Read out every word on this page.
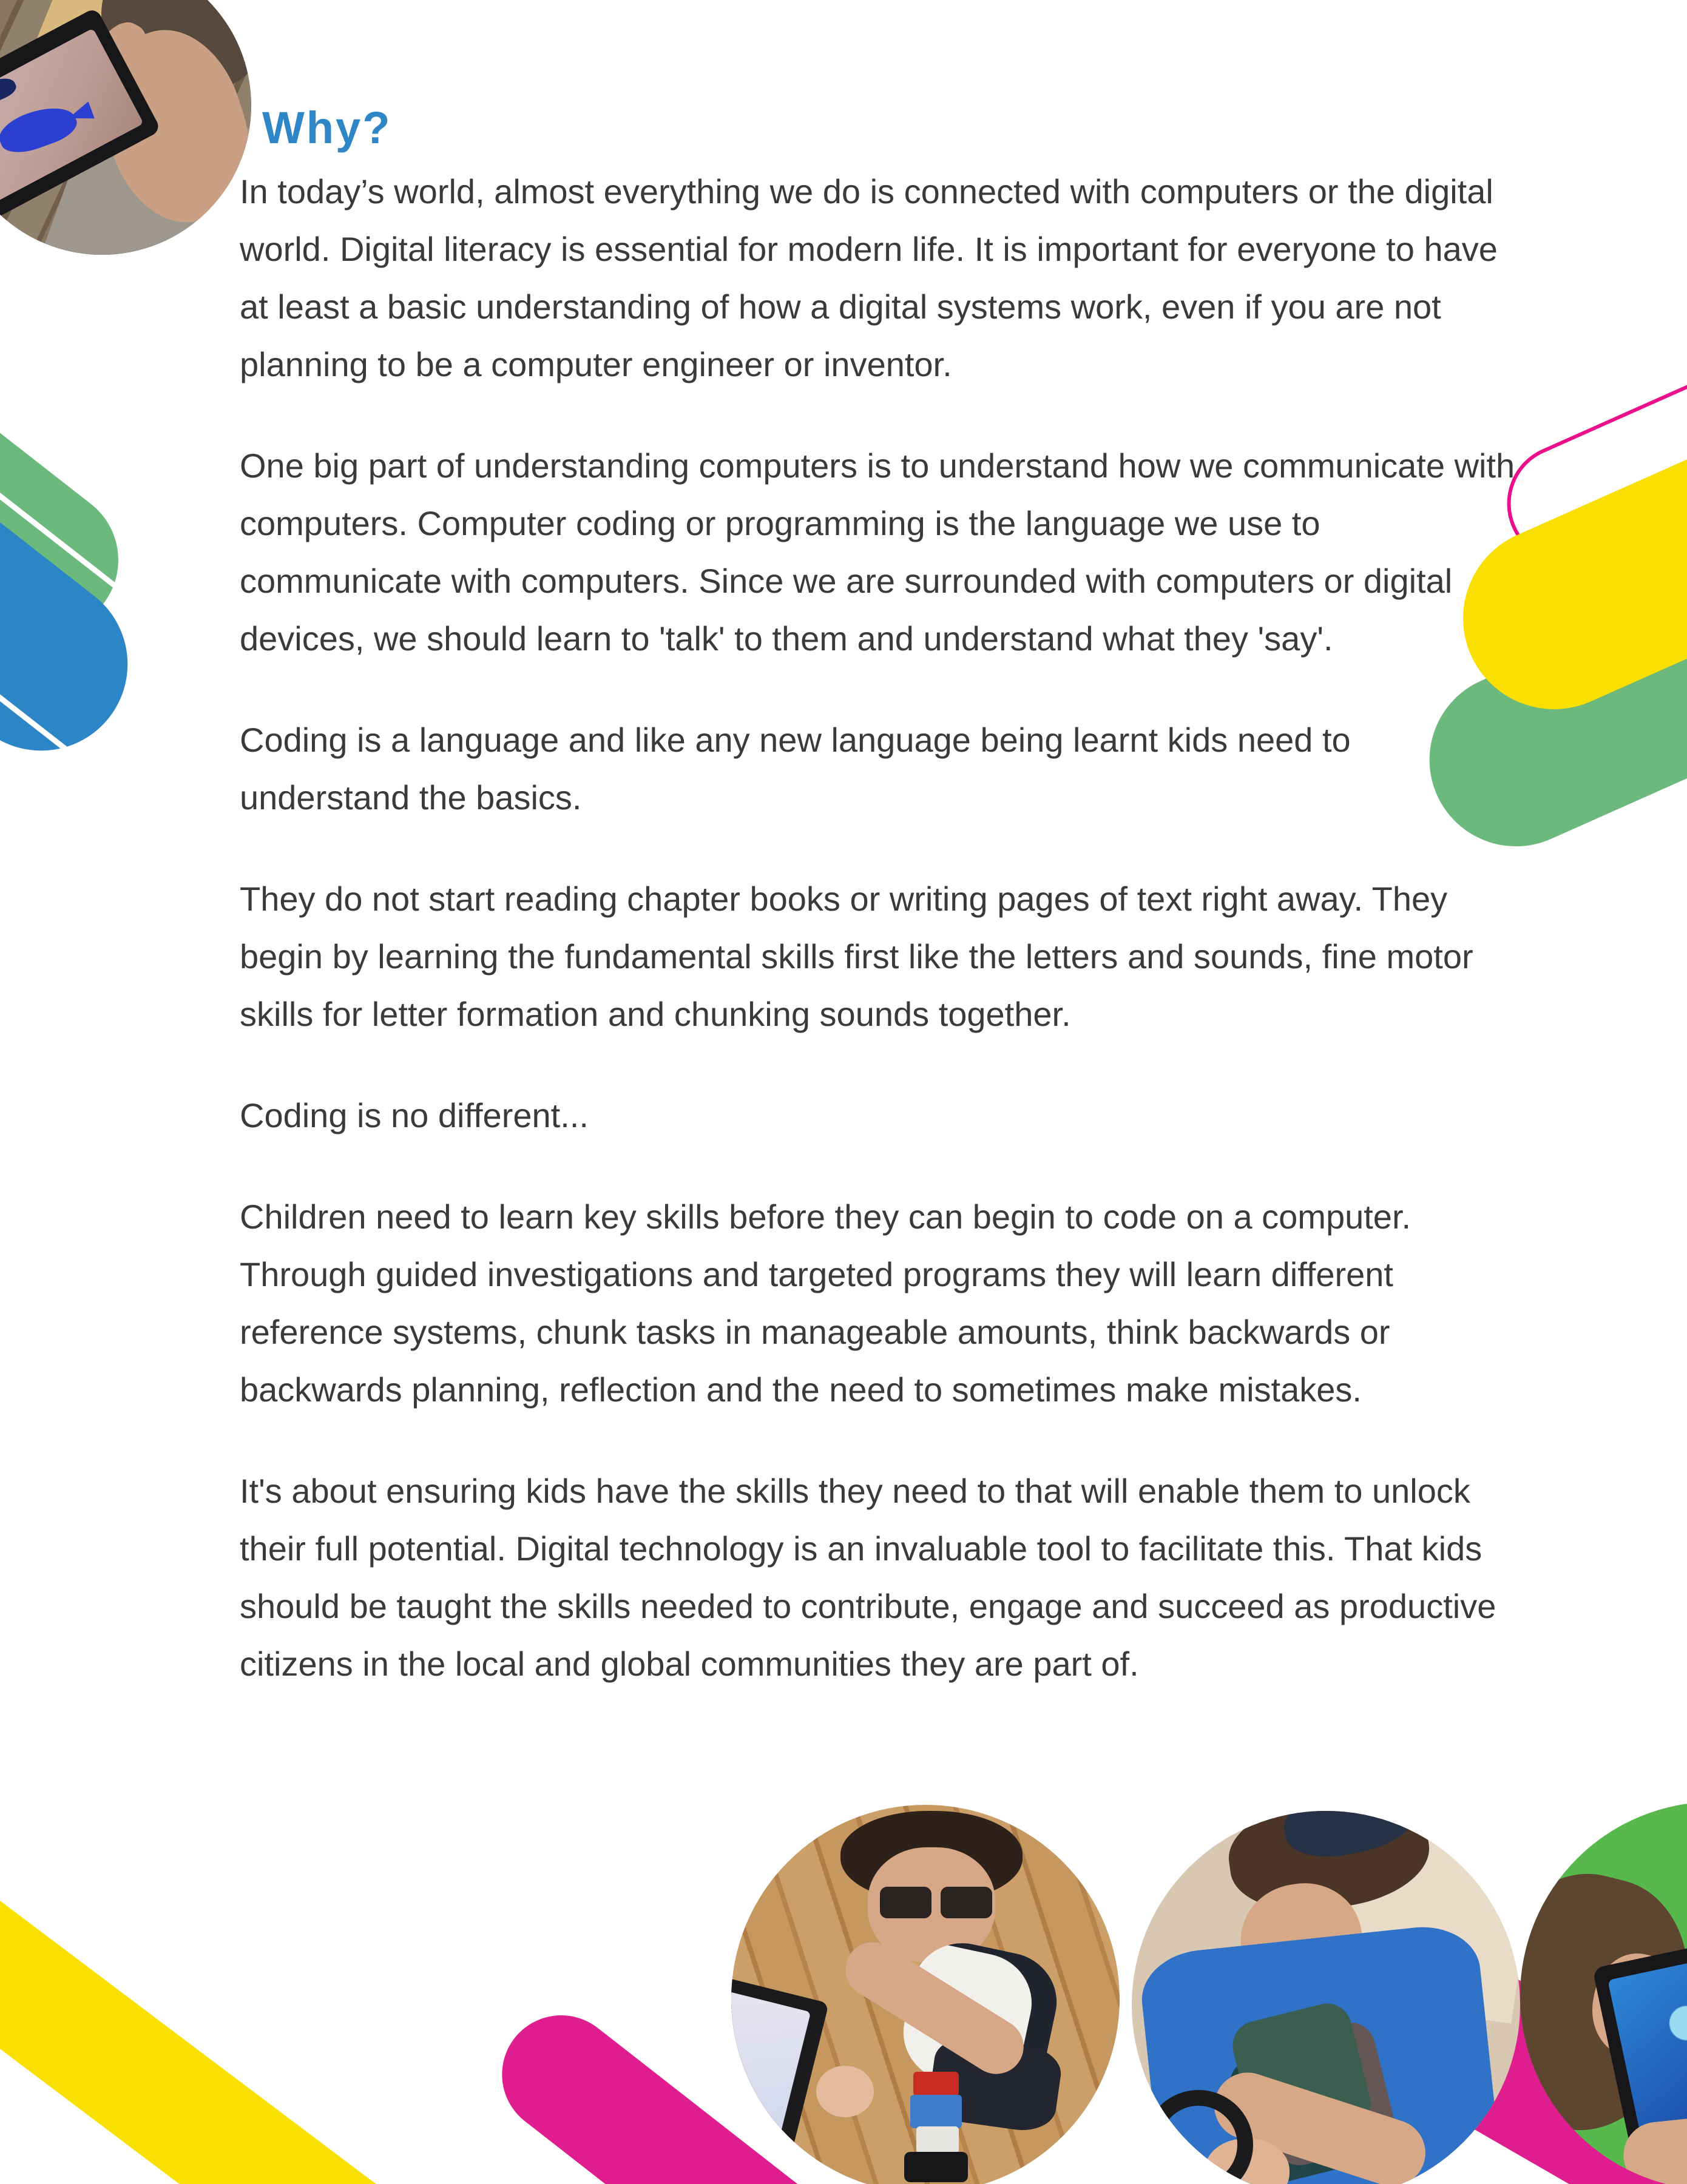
Why?

In today’s world, almost everything we do is connected with computers or the digital world. Digital literacy is essential for modern life. It is important for everyone to have at least a basic understanding of how a digital systems work, even if you are not planning to be a computer engineer or inventor.

One big part of understanding computers is to understand how we communicate with computers. Computer coding or programming is the language we use to communicate with computers. Since we are surrounded with computers or digital devices, we should learn to 'talk' to them and understand what they 'say'.

Coding is a language and like any new language being learnt kids need to understand the basics.

They do not start reading chapter books or writing pages of text right away. They begin by learning the fundamental skills first like the letters and sounds, fine motor skills for letter formation and chunking sounds together.

Coding is no different...

Children need to learn key skills before they can begin to code on a computer. Through guided investigations and targeted programs they will learn different reference systems, chunk tasks in manageable amounts, think backwards or backwards planning, reflection and the need to sometimes make mistakes.

It's about ensuring kids have the skills they need to that will enable them to unlock their full potential. Digital technology is an invaluable tool to facilitate this. That kids should be taught the skills needed to contribute, engage and succeed as productive citizens in the local and global communities they are part of.
